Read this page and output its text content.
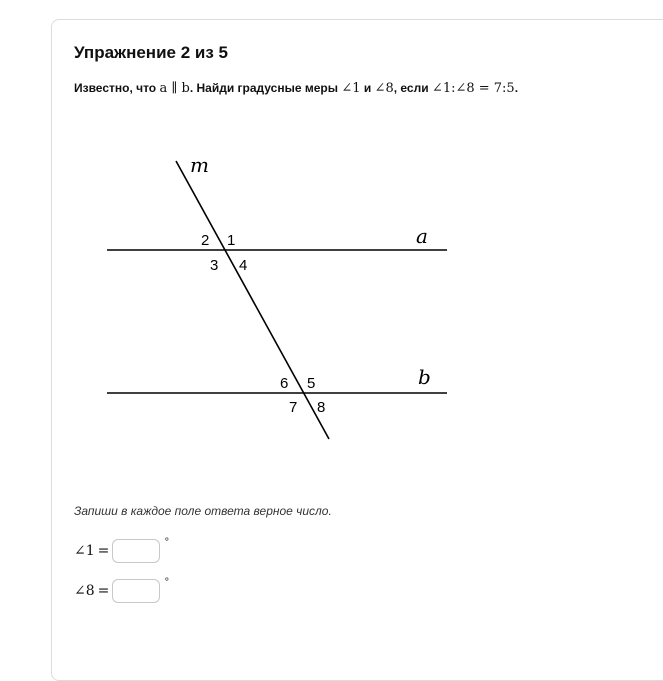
Упражнение 2 из 5
Известно, что a ∥ b. Найди градусные меры ∠1 и ∠8, если ∠1:∠8 = 7:5.
m
a
b
2 1
3 4
6 5
7 8
Запиши в каждое поле ответа верное число.
∠1 =
°
∠8 =
°
